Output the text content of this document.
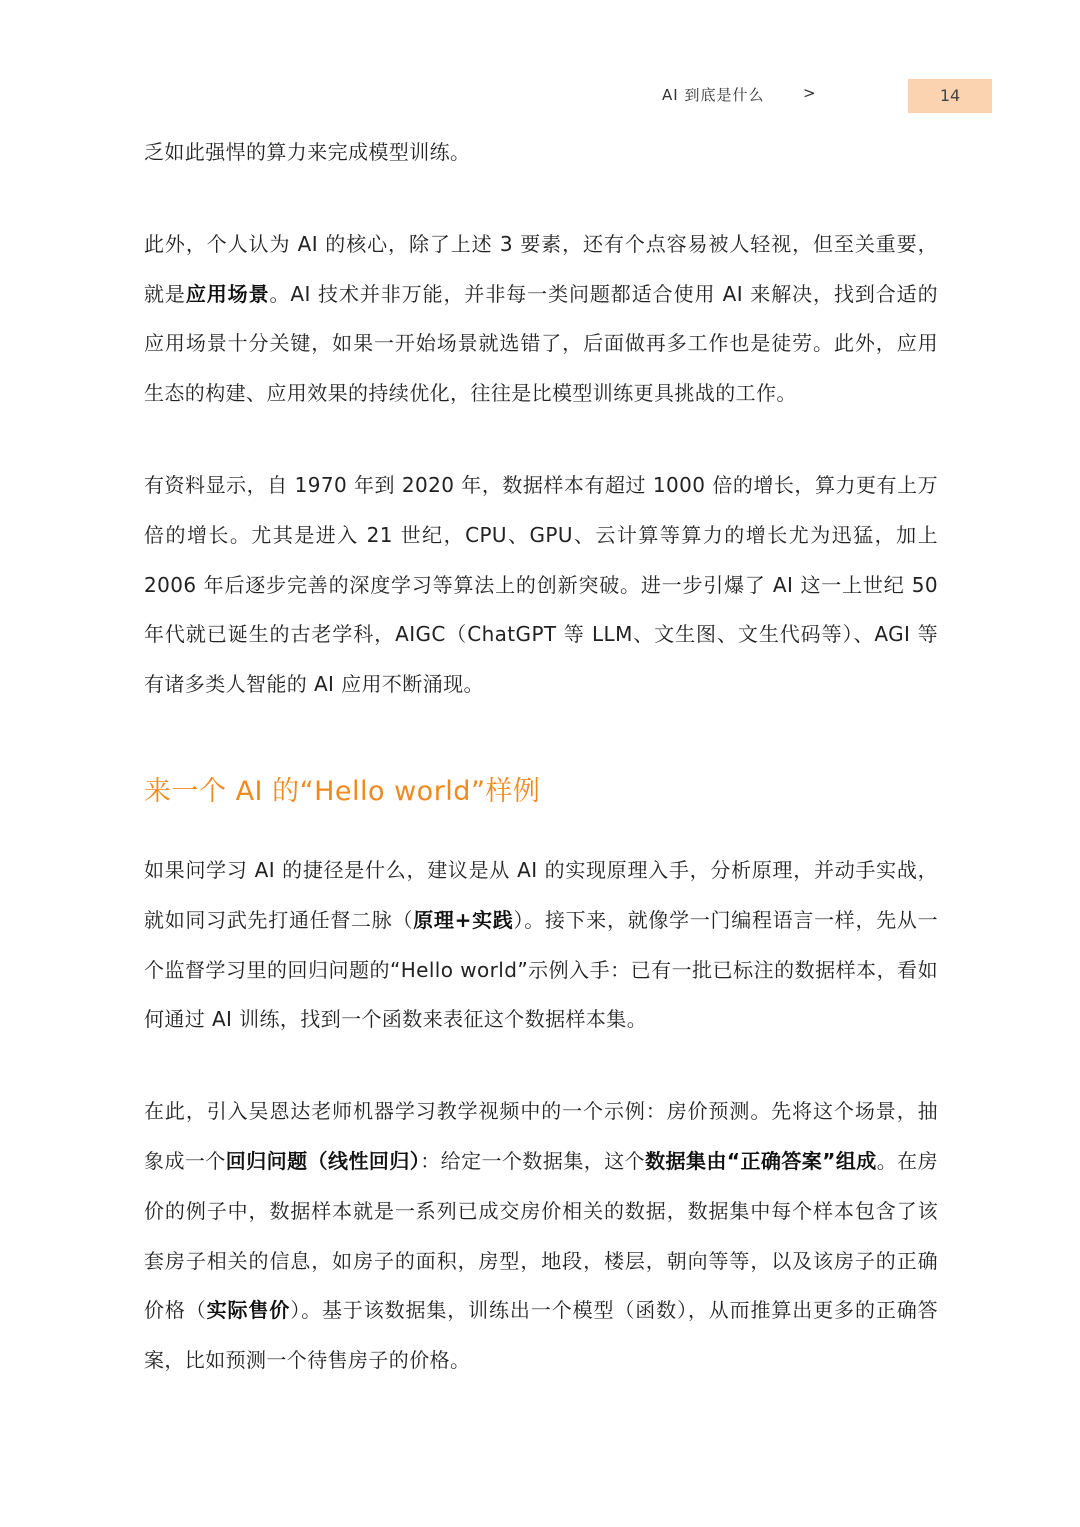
AI 到底是什么	>	14

乏如此强悍的算力来完成模型训练。

此外，个人认为 AI 的核心，除了上述 3 要素，还有个点容易被人轻视，但至关重要，就是应用场景。AI 技术并非万能，并非每一类问题都适合使用 AI 来解决，找到合适的应用场景十分关键，如果一开始场景就选错了，后面做再多工作也是徒劳。此外，应用生态的构建、应用效果的持续优化，往往是比模型训练更具挑战的工作。

有资料显示，自 1970 年到 2020 年，数据样本有超过 1000 倍的增长，算力更有上万倍的增长。尤其是进入 21 世纪，CPU、GPU、云计算等算力的增长尤为迅猛，加上 2006 年后逐步完善的深度学习等算法上的创新突破。进一步引爆了 AI 这一上世纪 50 年代就已诞生的古老学科，AIGC（ChatGPT 等 LLM、文生图、文生代码等）、AGI 等有诸多类人智能的 AI 应用不断涌现。

来一个 AI 的“Hello world”样例

如果问学习 AI 的捷径是什么，建议是从 AI 的实现原理入手，分析原理，并动手实战，就如同习武先打通任督二脉（原理+实践）。接下来，就像学一门编程语言一样，先从一个监督学习里的回归问题的“Hello world”示例入手：已有一批已标注的数据样本，看如何通过 AI 训练，找到一个函数来表征这个数据样本集。

在此，引入吴恩达老师机器学习教学视频中的一个示例：房价预测。先将这个场景，抽象成一个回归问题（线性回归）：给定一个数据集，这个数据集由“正确答案”组成。在房价的例子中，数据样本就是一系列已成交房价相关的数据，数据集中每个样本包含了该套房子相关的信息，如房子的面积，房型，地段，楼层，朝向等等，以及该房子的正确价格（实际售价）。基于该数据集，训练出一个模型（函数），从而推算出更多的正确答案，比如预测一个待售房子的价格。
